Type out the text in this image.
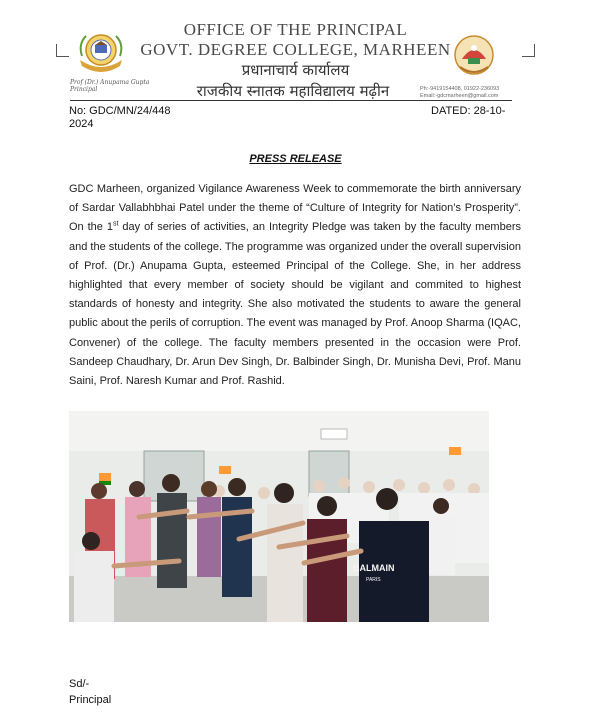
Prof (Dr.) Anupama Gupta
Principal
OFFICE OF THE PRINCIPAL
GOVT. DEGREE COLLEGE, MARHEEN
प्रधानाचार्य कार्यालय
राजकीय स्नातक महाविद्यालय मढ़ीन	Ph:-9419154408, 01922-236093
Email:-gdcmarheen@gmail.com
No: GDC/MN/24/448	DATED: 28-10-
2024
PRESS RELEASE
GDC Marheen, organized Vigilance Awareness Week to commemorate the birth anniversary of Sardar Vallabhbhai Patel under the theme of “Culture of Integrity for Nation’s Prosperity”. On the 1st day of series of activities, an Integrity Pledge was taken by the faculty members and the students of the college. The programme was organized under the overall supervision of Prof. (Dr.) Anupama Gupta, esteemed Principal of the College. She, in her address highlighted that every member of society should be vigilant and commited to highest standards of honesty and integrity. She also motivated the students to aware the general public about the perils of corruption. The event was managed by Prof. Anoop Sharma (IQAC, Convener) of the college. The faculty members presented in the occasion were Prof. Sandeep Chaudhary, Dr. Arun Dev Singh, Dr. Balbinder Singh, Dr. Munisha Devi, Prof. Manu Saini, Prof. Naresh Kumar and Prof. Rashid.
BALMAIN
PARIS
Sd/-
Principal
